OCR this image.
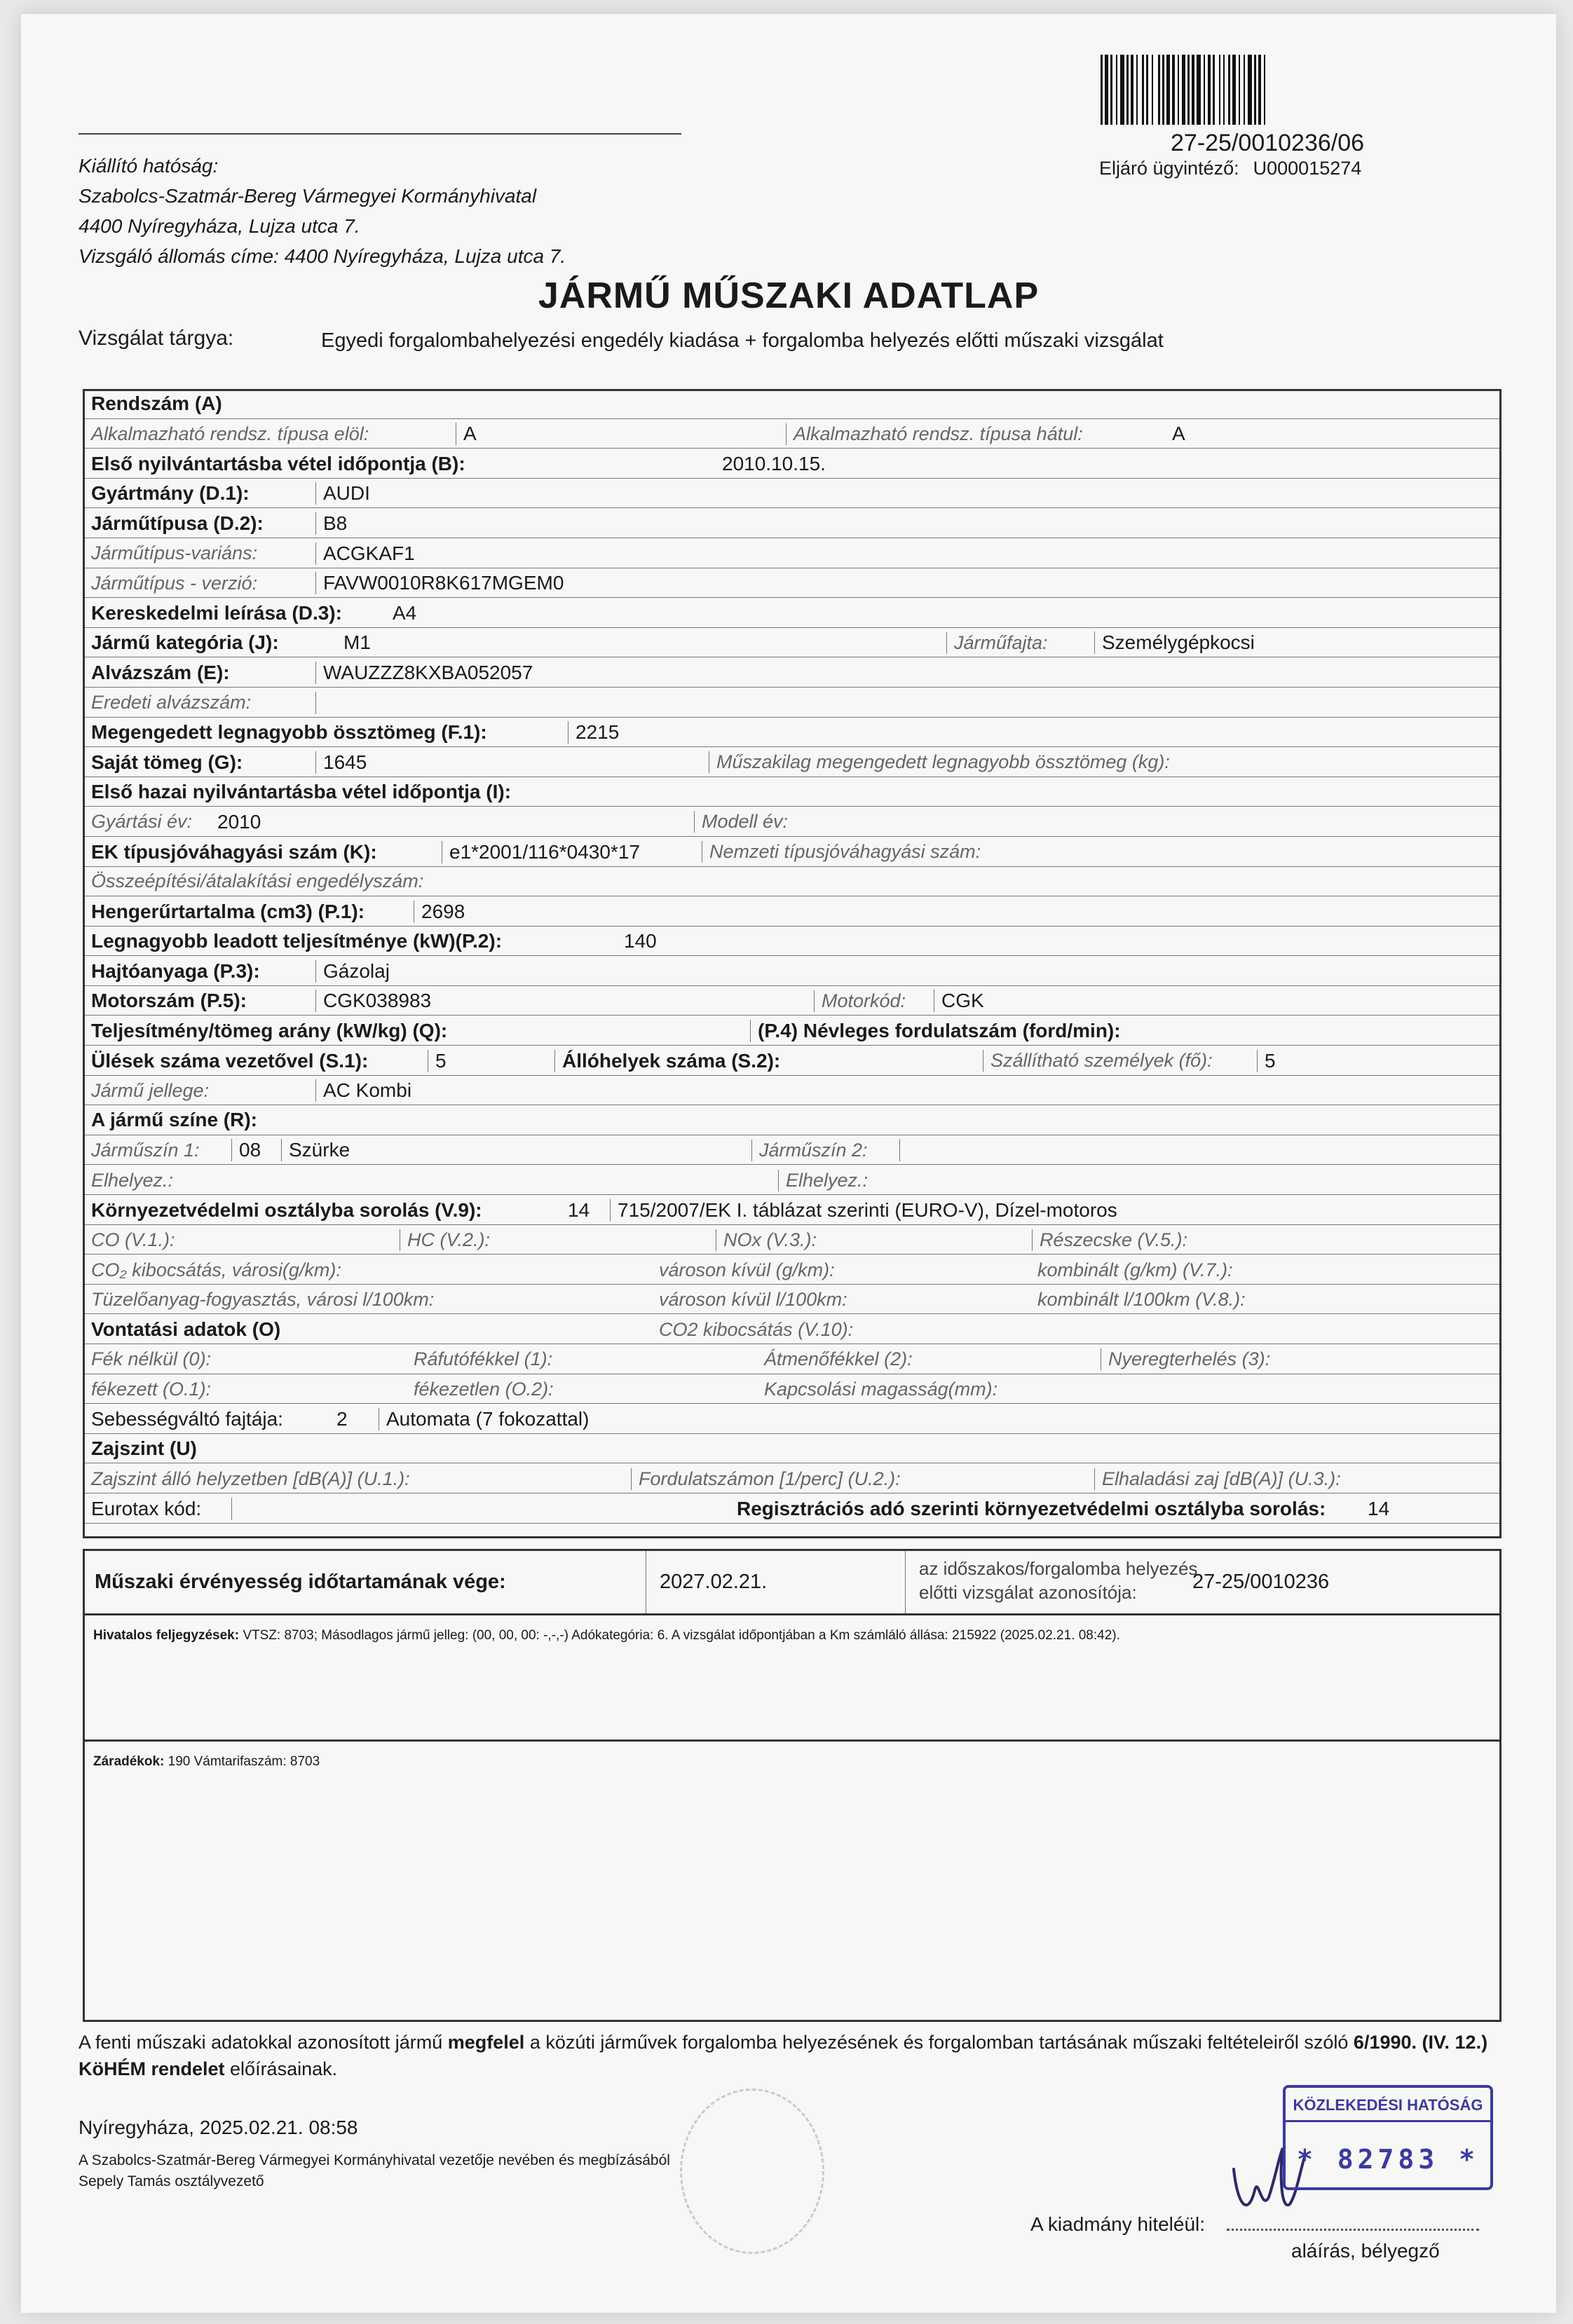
27-25/0010236/06
Eljáró ügyintéző: U000015274
Kiállító hatóság:
Szabolcs-Szatmár-Bereg Vármegyei Kormányhivatal
4400 Nyíregyháza, Lujza utca 7.
Vizsgáló állomás címe: 4400 Nyíregyháza, Lujza utca 7.
JÁRMŰ MŰSZAKI ADATLAP
Vizsgálat tárgya:	Egyedi forgalombahelyezési engedély kiadása + forgalomba helyezés előtti műszaki vizsgálat
Rendszám (A)
Alkalmazható rendsz. típusa elöl:	A	Alkalmazható rendsz. típusa hátul:	A
Első nyilvántartásba vétel időpontja (B):	2010.10.15.
Gyártmány (D.1):	AUDI
Járműtípusa (D.2):	B8
Járműtípus-variáns:	ACGKAF1
Járműtípus - verzió:	FAVW0010R8K617MGEM0
Kereskedelmi leírása (D.3):	A4
Jármű kategória (J):	M1	Járműfajta:	Személygépkocsi
Alvázszám (E):	WAUZZZ8KXBA052057
Eredeti alvázszám:
Megengedett legnagyobb össztömeg (F.1):	2215
Saját tömeg (G):	1645	Műszakilag megengedett legnagyobb össztömeg (kg):
Első hazai nyilvántartásba vétel időpontja (I):
Gyártási év: 2010	Modell év:
EK típusjóváhagyási szám (K):	e1*2001/116*0430*17	Nemzeti típusjóváhagyási szám:
Összeépítési/átalakítási engedélyszám:
Hengerűrtartalma (cm3) (P.1):	2698
Legnagyobb leadott teljesítménye (kW)(P.2):	140
Hajtóanyaga (P.3):	Gázolaj
Motorszám (P.5):	CGK038983	Motorkód: CGK
Teljesítmény/tömeg arány (kW/kg) (Q):	(P.4) Névleges fordulatszám (ford/min):
Ülések száma vezetővel (S.1):	5	Állóhelyek száma (S.2):	Szállítható személyek (fő):	5
Jármű jellege:	AC Kombi
A jármű színe (R):
Járműszín 1: 08 Szürke	Járműszín 2:
Elhelyez.:	Elhelyez.:
Környezetvédelmi osztályba sorolás (V.9):	14 715/2007/EK I. táblázat szerinti (EURO-V), Dízel-motoros
CO (V.1.):	HC (V.2.):	NOx (V.3.):	Részecske (V.5.):
CO₂ kibocsátás, városi(g/km):	városon kívül (g/km):	kombinált (g/km) (V.7.):
Tüzelőanyag-fogyasztás, városi l/100km:	városon kívül l/100km:	kombinált l/100km (V.8.):
Vontatási adatok (O)	CO2 kibocsátás (V.10):
Fék nélkül (0):	Ráfutófékkel (1):	Átmenőfékkel (2):	Nyeregterhelés (3):
fékezett (O.1):	fékezetlen (O.2):	Kapcsolási magasság(mm):
Sebességváltó fajtája:	2 Automata (7 fokozattal)
Zajszint (U)
Zajszint álló helyzetben [dB(A)] (U.1.):	Fordulatszámon [1/perc] (U.2.):	Elhaladási zaj [dB(A)] (U.3.):
Eurotax kód:	Regisztrációs adó szerinti környezetvédelmi osztályba sorolás: 14
Műszaki érvényesség időtartamának vége:	2027.02.21.
az időszakos/forgalomba helyezés
előtti vizsgálat azonosítója:	27-25/0010236
Hivatalos feljegyzések: VTSZ: 8703; Másodlagos jármű jelleg: (00, 00, 00: -,-,-) Adókategória: 6. A vizsgálat időpontjában a Km számláló állása: 215922 (2025.02.21. 08:42).
Záradékok: 190 Vámtarifaszám: 8703
A fenti műszaki adatokkal azonosított jármű megfelel a közúti járművek forgalomba helyezésének és forgalomban tartásának műszaki feltételeiről szóló 6/1990. (IV. 12.) KöHÉM rendelet előírásainak.
Nyíregyháza, 2025.02.21. 08:58
A Szabolcs-Szatmár-Bereg Vármegyei Kormányhivatal vezetője nevében és megbízásából
Sepely Tamás osztályvezető
KÖZLEKEDÉSI HATÓSÁG
* 82783 *
A kiadmány hiteléül:
aláírás, bélyegző
